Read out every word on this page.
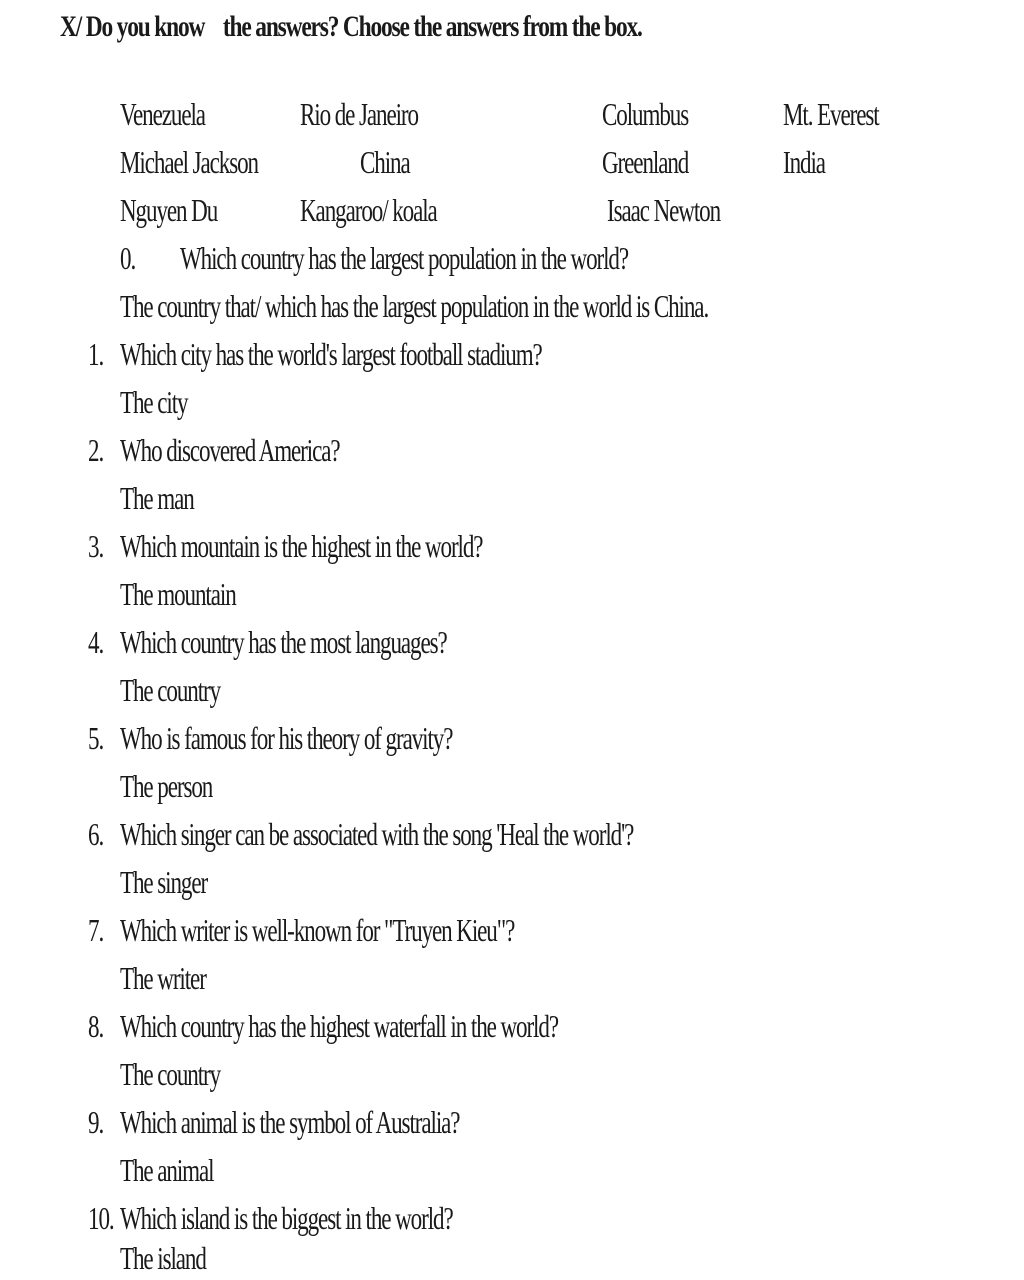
X/ Do you know    the answers? Choose the answers from the box.
Venezuela	Rio de Janeiro	Columbus	Mt. Everest
Michael Jackson	China	Greenland	India
Nguyen Du	Kangaroo/ koala	Isaac Newton
0. Which country has the largest population in the world?
The country that/ which has the largest population in the world is China.
1. Which city has the world's largest football stadium?
The city
2. Who discovered America?
The man
3. Which mountain is the highest in the world?
The mountain
4. Which country has the most languages?
The country
5. Who is famous for his theory of gravity?
The person
6. Which singer can be associated with the song 'Heal the world'?
The singer
7. Which writer is well-known for "Truyen Kieu"?
The writer
8. Which country has the highest waterfall in the world?
The country
9. Which animal is the symbol of Australia?
The animal
10. Which island is the biggest in the world?
The island
